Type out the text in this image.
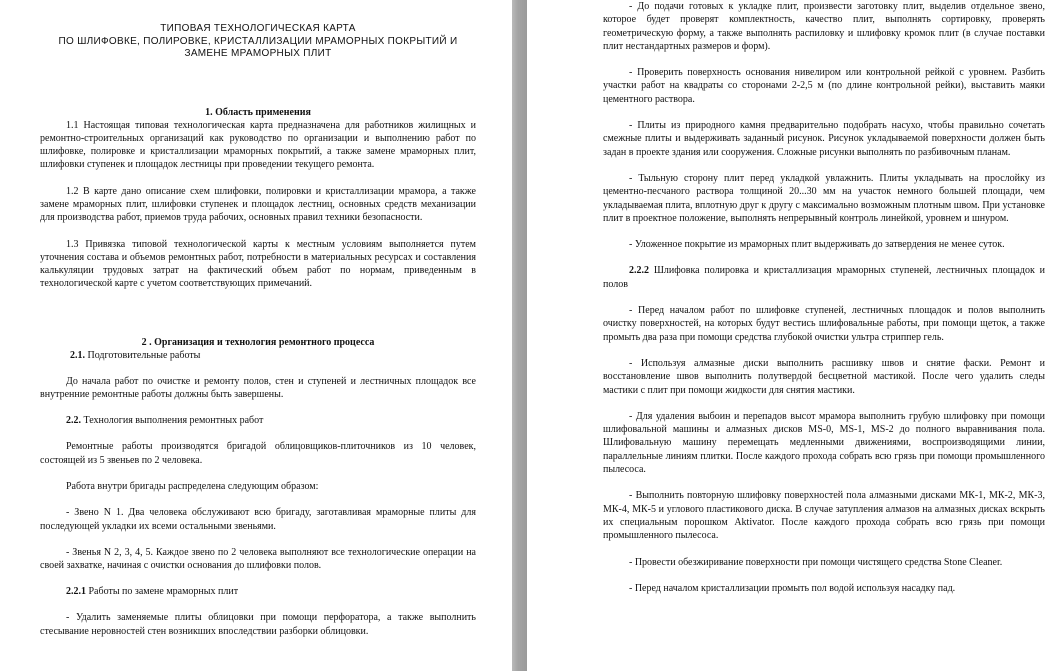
ТИПОВАЯ ТЕХНОЛОГИЧЕСКАЯ КАРТА
ПО ШЛИФОВКЕ, ПОЛИРОВКЕ, КРИСТАЛЛИЗАЦИИ МРАМОРНЫХ ПОКРЫТИЙ И
ЗАМЕНЕ МРАМОРНЫХ ПЛИТ
1. Область применения

1.1 Настоящая типовая технологическая карта предназначена для работников жилищных и ремонтно-строительных организаций как руководство по организации и выполнению работ по шлифовке, полировке и кристаллизации мраморных покрытий, а также замене мраморных плит, шлифовки ступенек и площадок лестницы при проведении текущего ремонта.

1.2 В карте дано описание схем шлифовки, полировки и кристаллизации мрамора, а также замене мраморных плит, шлифовки ступенек и площадок лестниц, основных средств механизации для производства работ, приемов труда рабочих, основных правил техники безопасности.

1.3 Привязка типовой технологической карты к местным условиям выполняется путем уточнения состава и объемов ремонтных работ, потребности в материальных ресурсах и составления калькуляции трудовых затрат на фактический объем работ по нормам, приведенным в технологической карте с учетом соответствующих примечаний.

2 . Организация и технология ремонтного процесса
2.1. Подготовительные работы

До начала работ по очистке и ремонту полов, стен и ступеней и лестничных площадок все внутренние ремонтные работы должны быть завершены.

2.2. Технология выполнения ремонтных работ

Ремонтные работы производятся бригадой облицовщиков-плиточников из 10 человек, состоящей из 5 звеньев по 2 человека.

Работа внутри бригады распределена следующим образом:

- Звено N 1. Два человека обслуживают всю бригаду, заготавливая мраморные плиты для последующей укладки их всеми остальными звеньями.

- Звенья N 2, 3, 4, 5. Каждое звено по 2 человека выполняют все технологические операции на своей захватке, начиная с очистки основания до шлифовки полов.

2.2.1 Работы по замене мраморных плит

- Удалить заменяемые плиты облицовки при помощи перфоратора, а также выполнить стесывание неровностей стен возникших впоследствии разборки облицовки.

- До подачи готовых к укладке плит, произвести заготовку плит, выделив отдельное звено, которое будет проверят комплектность, качество плит, выполнять сортировку, проверять геометрическую форму, а также выполнять распиловку и шлифовку кромок плит (в случае поставки плит нестандартных размеров и форм).

- Проверить поверхность основания нивелиром или контрольной рейкой с уровнем. Разбить участки работ на квадраты со сторонами 2-2,5 м (по длине контрольной рейки), выставить маяки цементного раствора.

- Плиты из природного камня предварительно подобрать насухо, чтобы правильно сочетать смежные плиты и выдерживать заданный рисунок. Рисунок укладываемой поверхности должен быть задан в проекте здания или сооружения. Сложные рисунки выполнять по разбивочным планам.

- Тыльную сторону плит перед укладкой увлажнить. Плиты укладывать на прослойку из цементно-песчаного раствора толщиной 20...30 мм на участок немного большей площади, чем укладываемая плита, вплотную друг к другу с максимально возможным плотным швом. При установке плит в проектное положение, выполнять непрерывный контроль линейкой, уровнем и шнуром.

- Уложенное покрытие из мраморных плит выдерживать до затвердения не менее суток.

2.2.2 Шлифовка полировка и кристаллизация мраморных ступеней, лестничных площадок и полов

- Перед началом работ по шлифовке ступеней, лестничных площадок и полов выполнить очистку поверхностей, на которых будут вестись шлифовальные работы, при помощи щеток, а также промыть два раза при помощи средства глубокой очистки ультра стриппер гель.

- Используя алмазные диски выполнить расшивку швов и снятие фаски. Ремонт и восстановление швов выполнить полутвердой бесцветной мастикой. После чего удалить следы мастики с плит при помощи жидкости для снятия мастики.

- Для удаления выбоин и перепадов высот мрамора выполнить грубую шлифовку при помощи шлифовальной машины и алмазных дисков MS-0, MS-1, MS-2 до полного выравнивания пола. Шлифовальную машину перемещать медленными движениями, воспроизводящими линии, параллельные линиям плитки. После каждого прохода собрать всю грязь при помощи промышленного пылесоса.

- Выполнить повторную шлифовку поверхностей пола алмазными дисками МК-1, МК-2, МК-3, МК-4, МК-5 и углового пластикового диска. В случае затупления алмазов на алмазных дисках вскрыть их специальным порошком Aktivator. После каждого прохода собрать всю грязь при помощи промышленного пылесоса.

- Провести обезжиривание поверхности при помощи чистящего средства Stone Cleaner.

- Перед началом кристаллизации промыть пол водой используя насадку пад.
